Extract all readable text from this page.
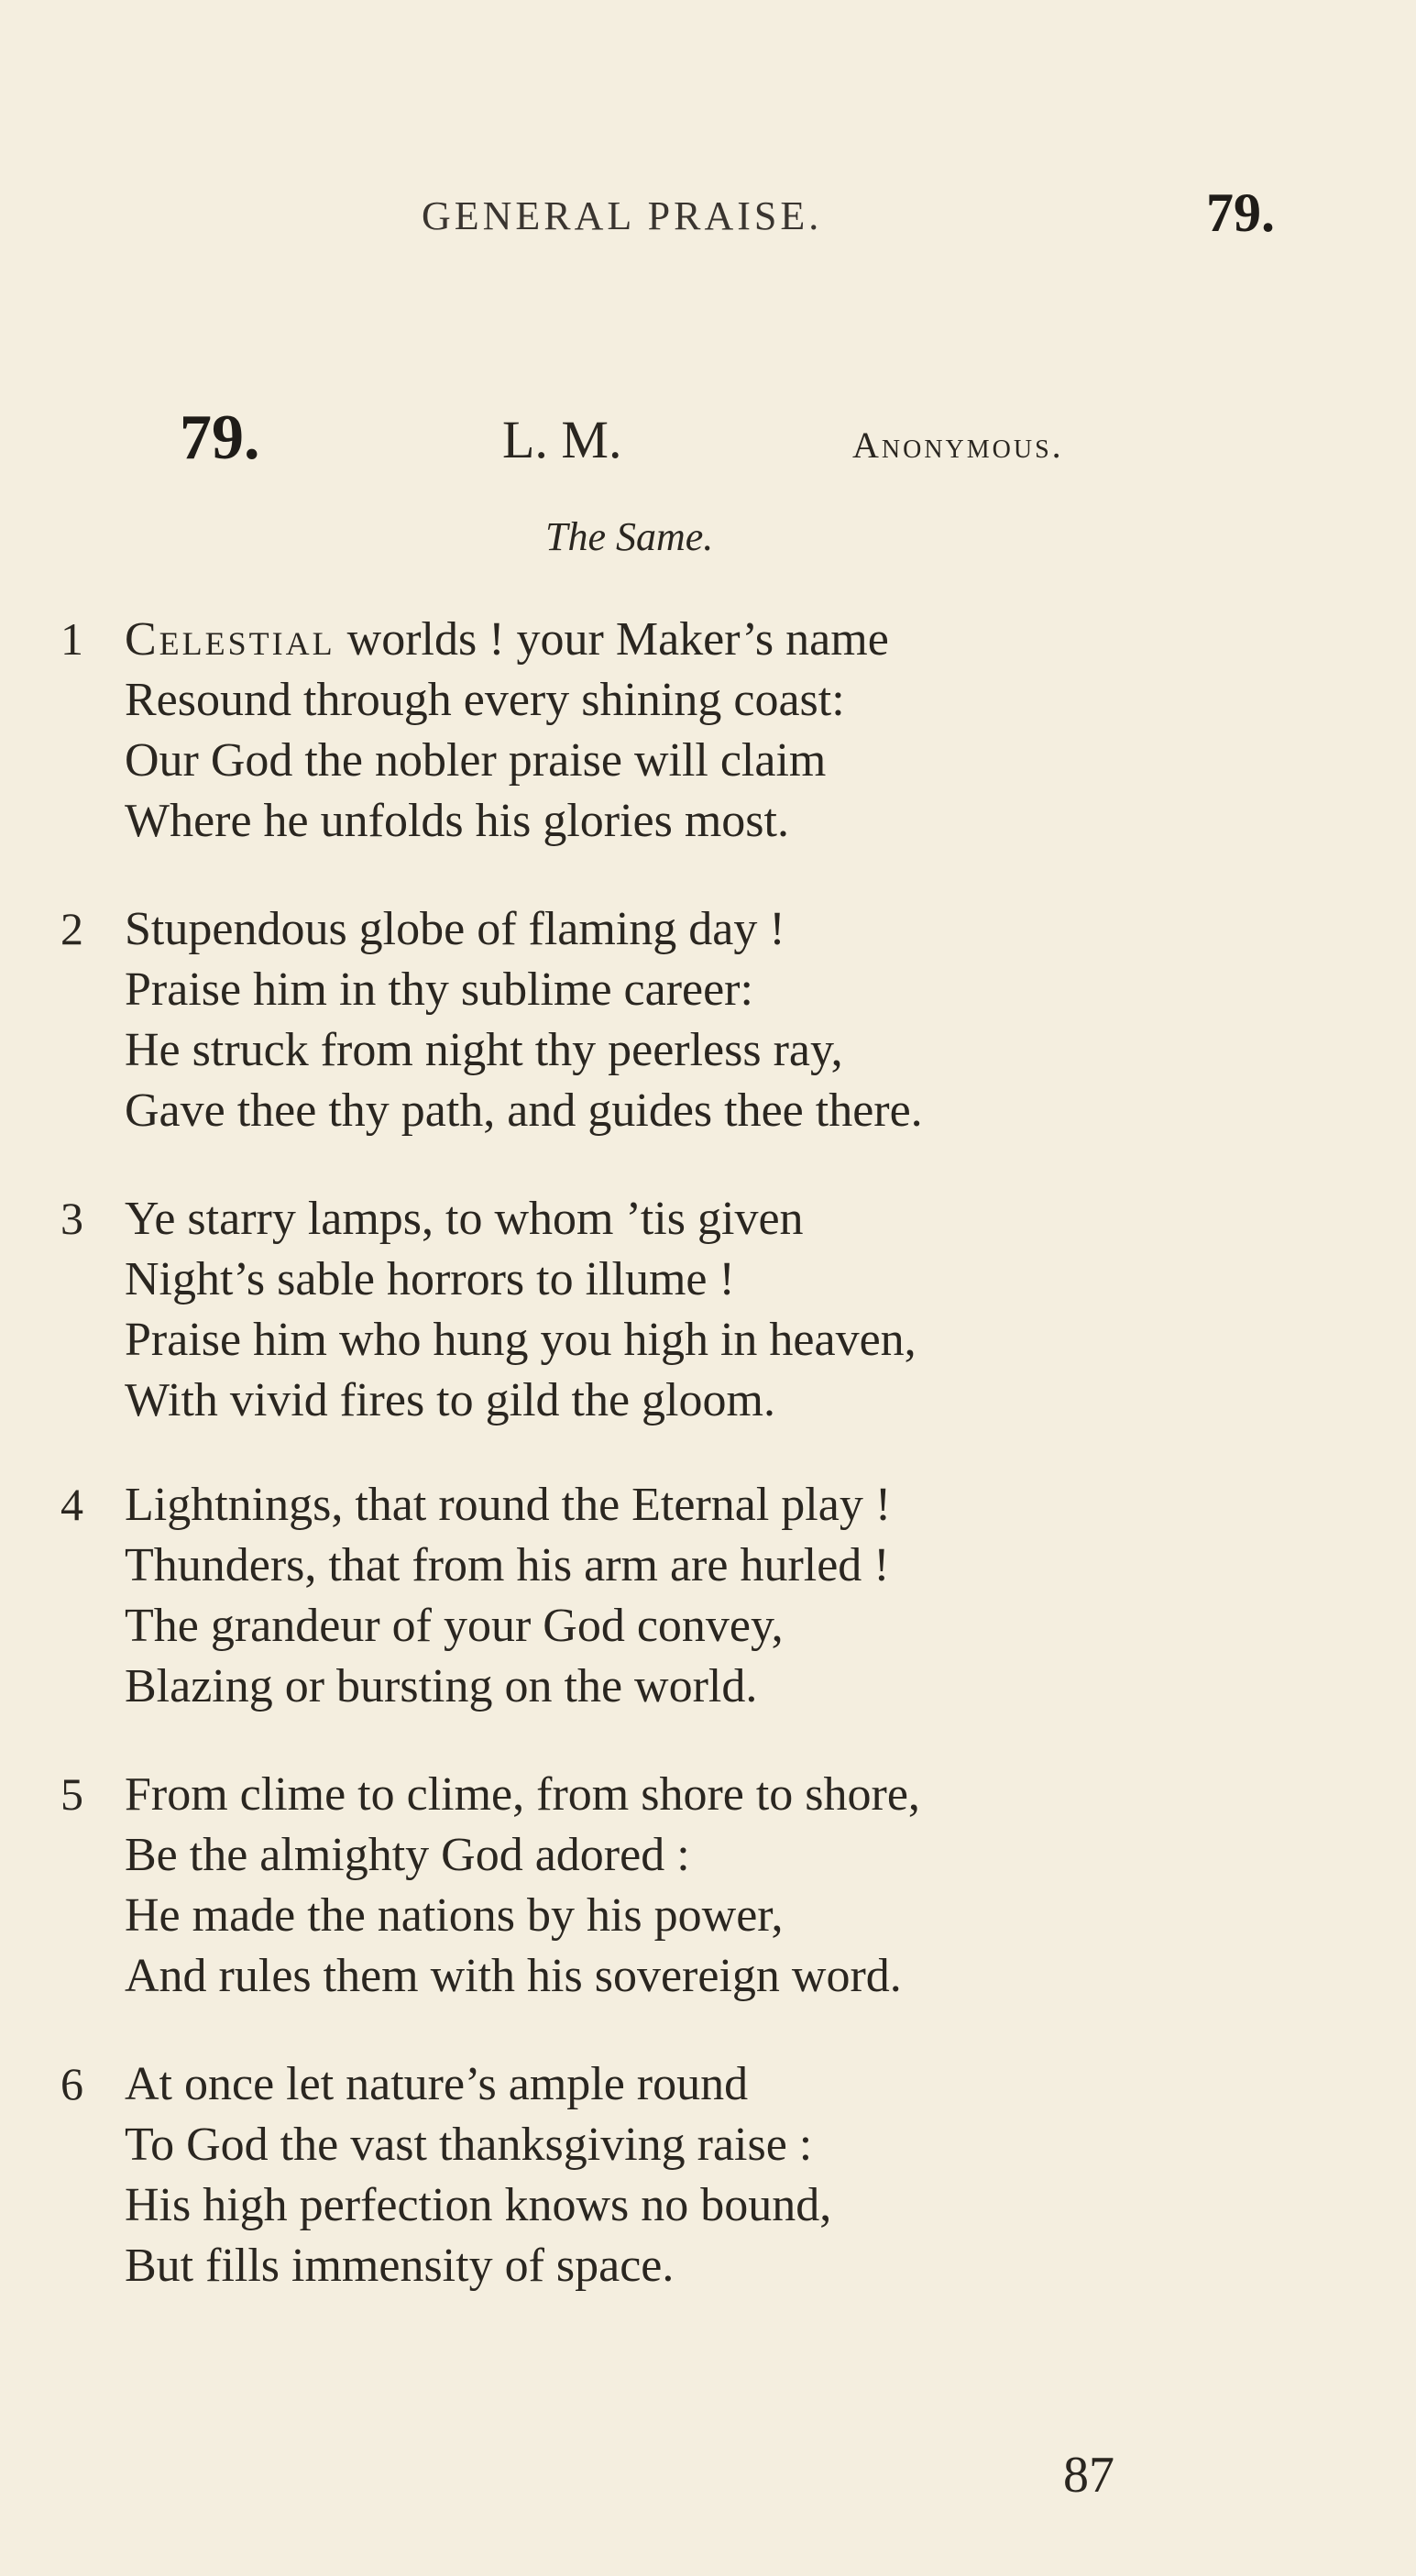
GENERAL PRAISE.	79.
79.	L. M.	Anonymous.
The Same.
1 Celestial worlds ! your Maker’s name
Resound through every shining coast:
Our God the nobler praise will claim
Where he unfolds his glories most.
2 Stupendous globe of flaming day !
Praise him in thy sublime career:
He struck from night thy peerless ray,
Gave thee thy path, and guides thee there.
3 Ye starry lamps, to whom ’tis given
Night’s sable horrors to illume !
Praise him who hung you high in heaven,
With vivid fires to gild the gloom.
4 Lightnings, that round the Eternal play !
Thunders, that from his arm are hurled !
The grandeur of your God convey,
Blazing or bursting on the world.
5 From clime to clime, from shore to shore,
Be the almighty God adored :
He made the nations by his power,
And rules them with his sovereign word.
6 At once let nature’s ample round
To God the vast thanksgiving raise :
His high perfection knows no bound,
But fills immensity of space.
87
